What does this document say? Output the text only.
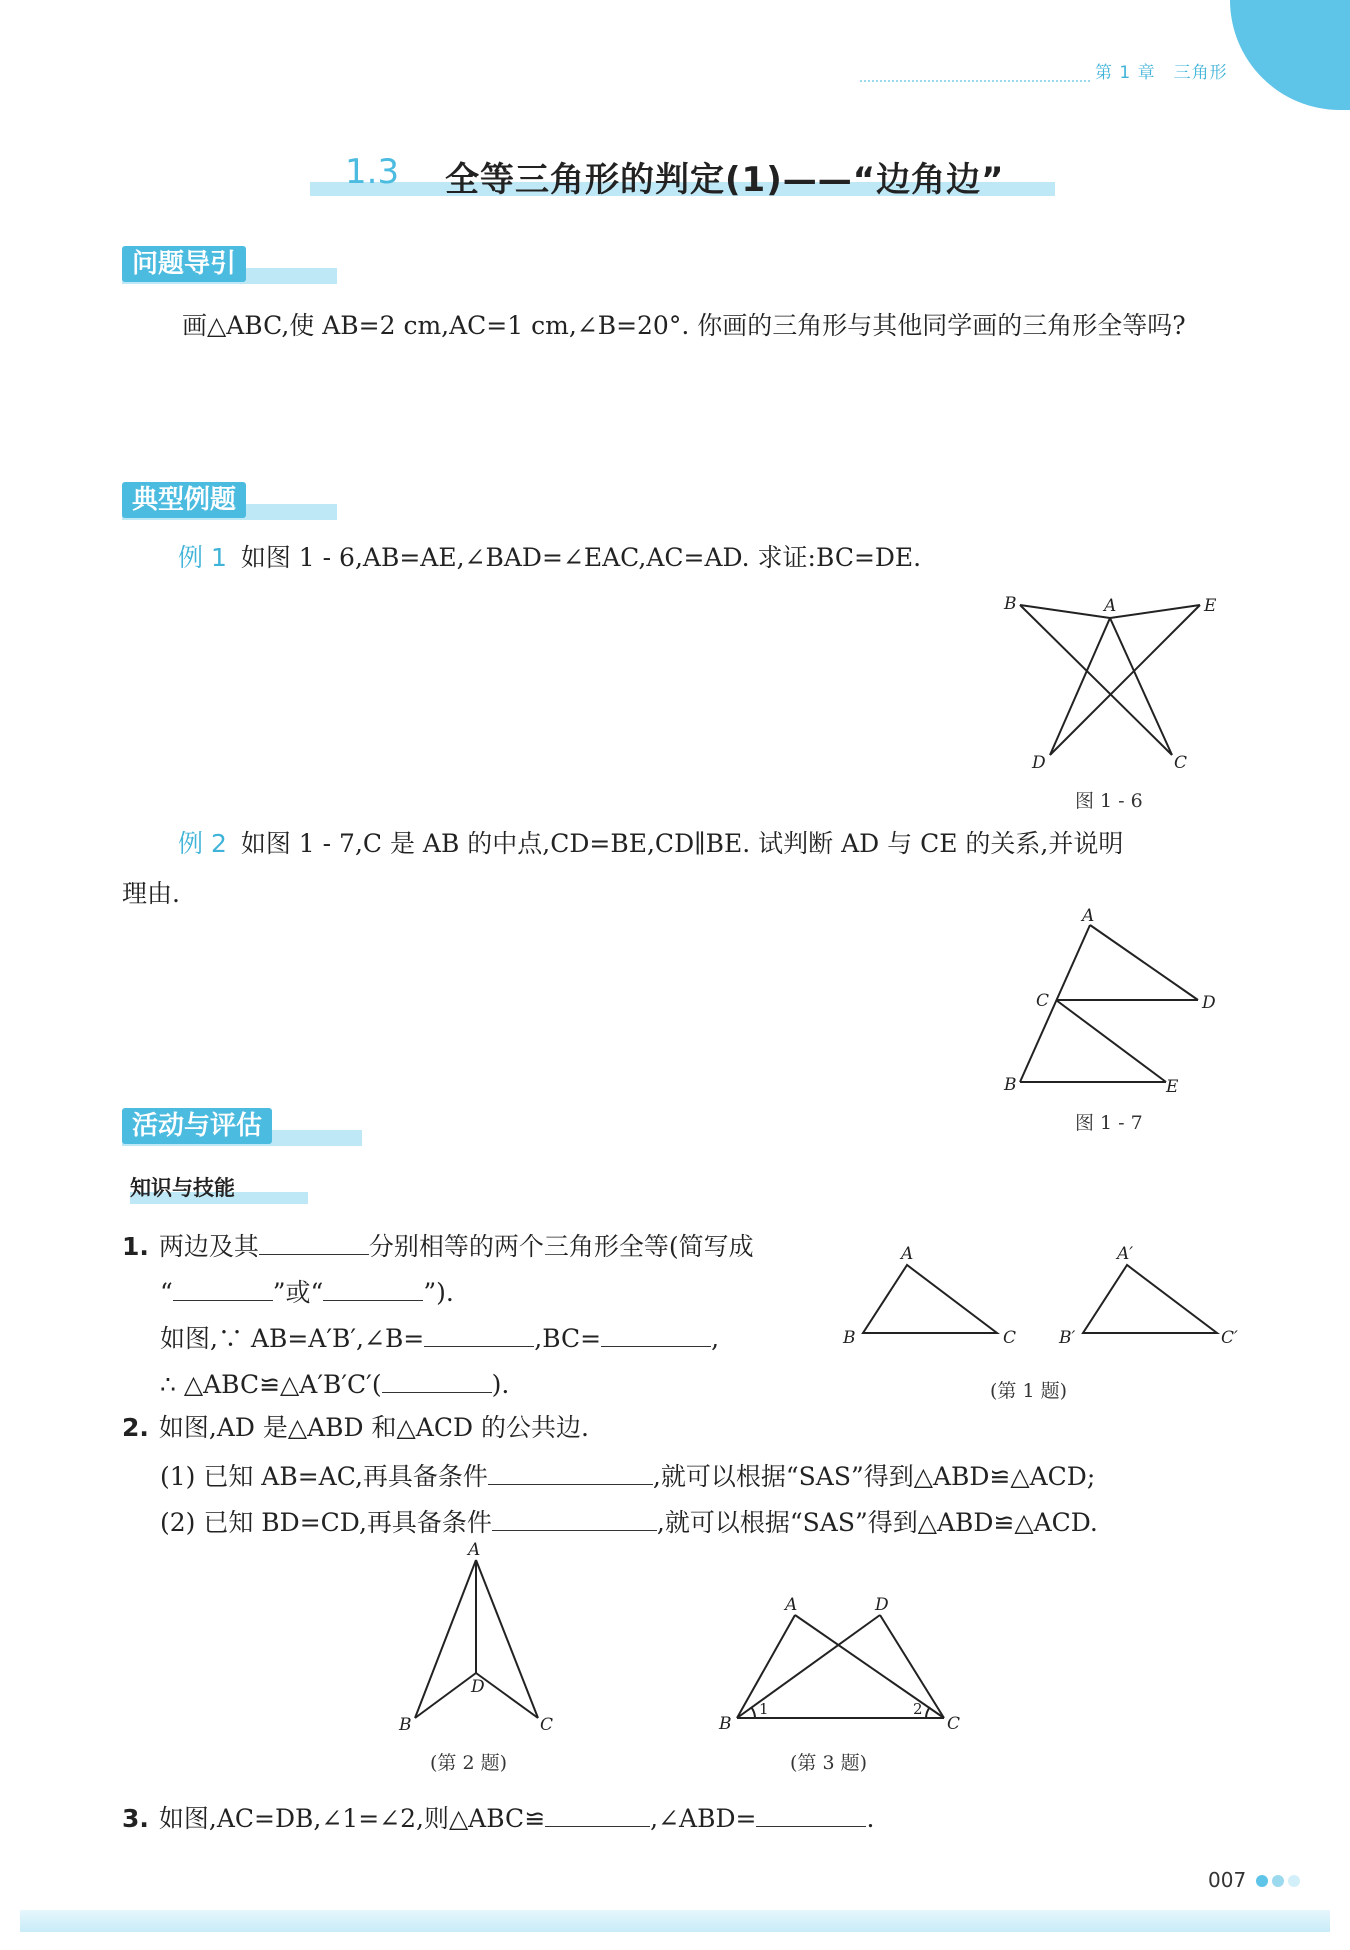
第 1 章　三角形
1.3 全等三角形的判定(1)——“边角边”
问题导引
画△ABC,使 AB=2 cm,AC=1 cm,∠B=20°. 你画的三角形与其他同学画的三角形全等吗?
典型例题
例 1 如图 1 - 6,AB=AE,∠BAD=∠EAC,AC=AD. 求证:BC=DE.
B	A	E
D	C
图 1 - 6
例 2 如图 1 - 7,C 是 AB 的中点,CD=BE,CD∥BE. 试判断 AD 与 CE 的关系,并说明
理由.
A
C	D
B	E
图 1 - 7
活动与评估
知识与技能
1. 两边及其	分别相等的两个三角形全等(简写成
“	”或“	”).
如图,∵ AB=A′B′,∠B=	,BC=	,
∴ △ABC≌△A′B′C′(	).
A
B	C
A′
B′	C′
(第 1 题)
2. 如图,AD 是△ABD 和△ACD 的公共边.
(1) 已知 AB=AC,再具备条件	,就可以根据“SAS”得到△ABD≌△ACD;
(2) 已知 BD=CD,再具备条件	,就可以根据“SAS”得到△ABD≌△ACD.
A
D
B	C
(第 2 题)
A	D
B	C
1	2
(第 3 题)
3. 如图,AC=DB,∠1=∠2,则△ABC≌	,∠ABD=	.
007
